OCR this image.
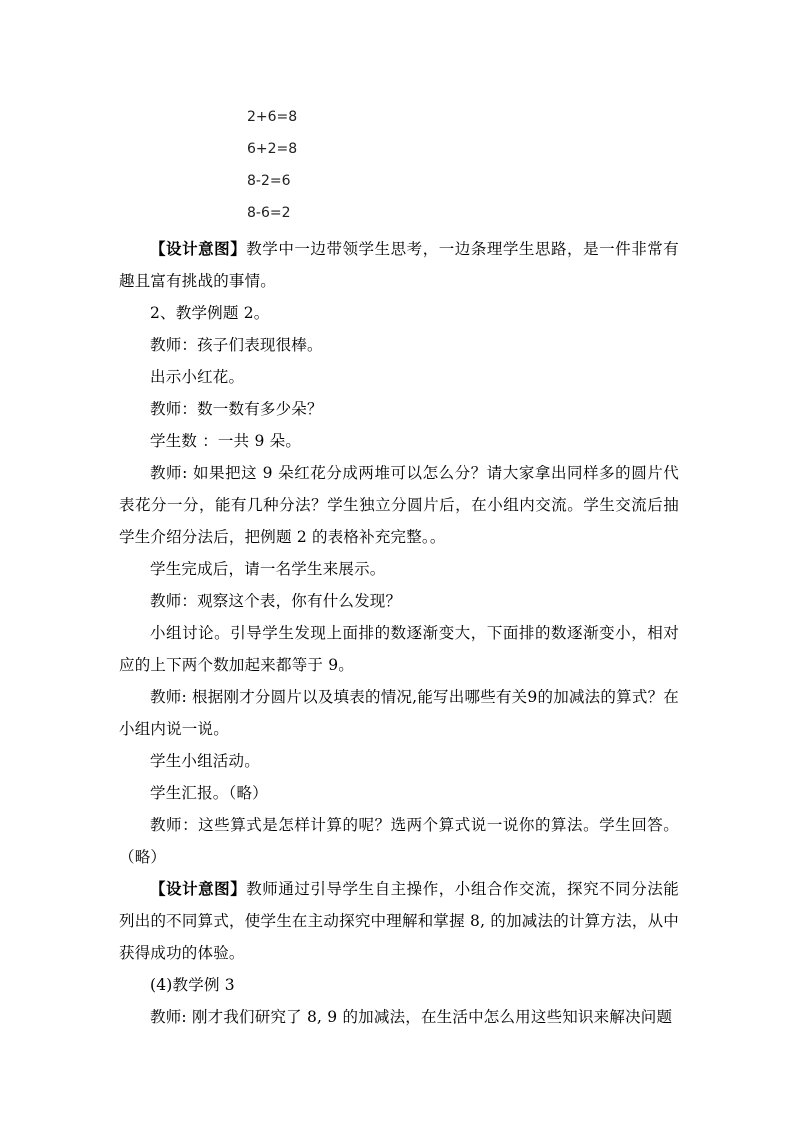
2+6=8
6+2=8
8-2=6
8-6=2

【设计意图】教学中一边带领学生思考，一边条理学生思路，是一件非常有趣且富有挑战的事情。

2、教学例题 2。

教师：孩子们表现很棒。

出示小红花。

教师：数一数有多少朵？

学生数 ：一共 9 朵。

教师: 如果把这 9 朵红花分成两堆可以怎么分？请大家拿出同样多的圆片代表花分一分，能有几种分法？学生独立分圆片后，在小组内交流。学生交流后抽学生介绍分法后，把例题 2 的表格补充完整。。

学生完成后，请一名学生来展示。

教师：观察这个表，你有什么发现？

小组讨论。引导学生发现上面排的数逐渐变大，下面排的数逐渐变小，相对应的上下两个数加起来都等于 9。

教师: 根据刚才分圆片以及填表的情况,能写出哪些有关9的加减法的算式？在小组内说一说。

学生小组活动。

学生汇报。（略）

教师：这些算式是怎样计算的呢？选两个算式说一说你的算法。学生回答。（略）

【设计意图】教师通过引导学生自主操作，小组合作交流，探究不同分法能列出的不同算式，使学生在主动探究中理解和掌握 8, 的加减法的计算方法，从中获得成功的体验。

(4)教学例 3

教师: 刚才我们研究了 8, 9 的加减法，在生活中怎么用这些知识来解决问题
